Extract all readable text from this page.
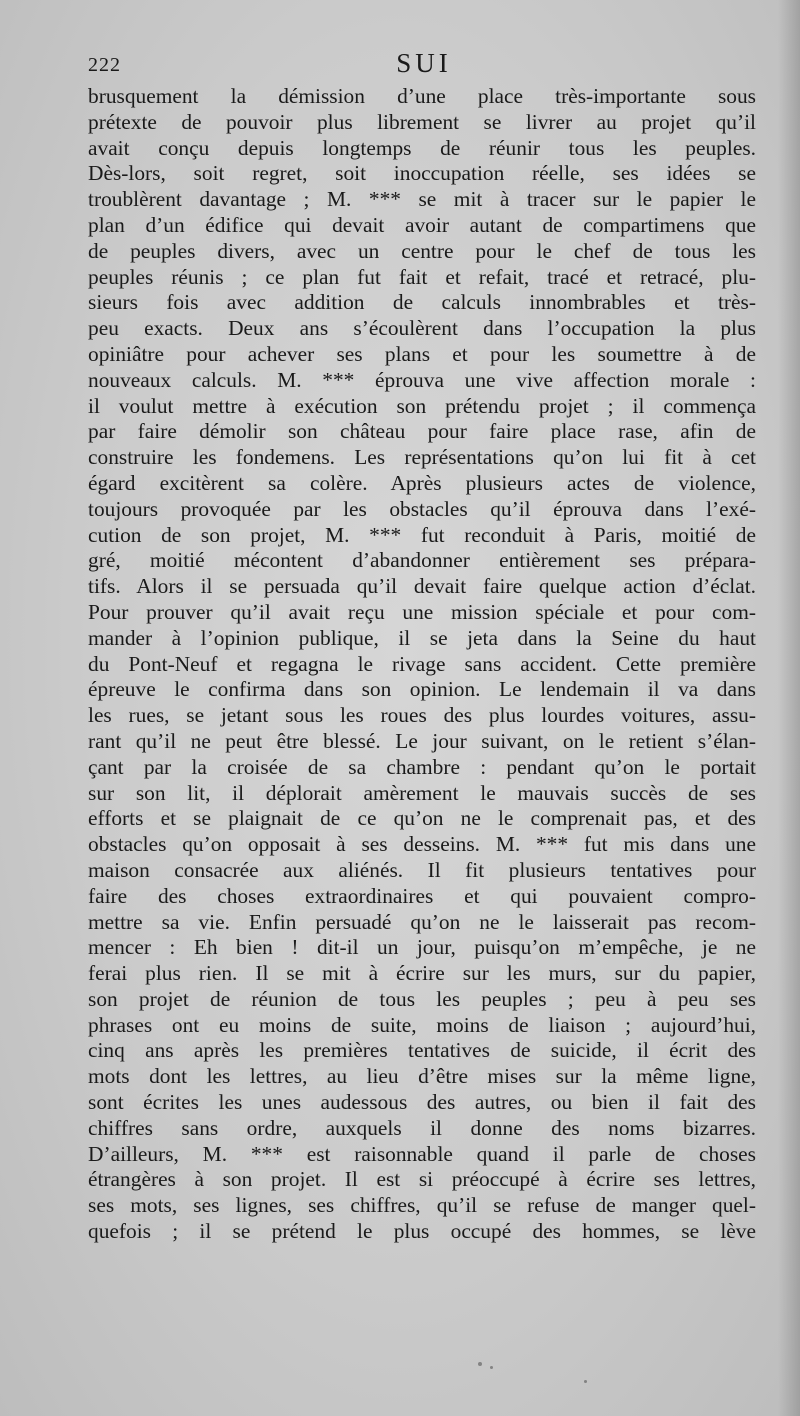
222	SUI
brusquement la démission d’une place très-importante sous
prétexte de pouvoir plus librement se livrer au projet qu’il
avait conçu depuis longtemps de réunir tous les peuples.
Dès-lors, soit regret, soit inoccupation réelle, ses idées se
troublèrent davantage ; M. *** se mit à tracer sur le papier le
plan d’un édifice qui devait avoir autant de compartimens que
de peuples divers, avec un centre pour le chef de tous les
peuples réunis ; ce plan fut fait et refait, tracé et retracé, plu-
sieurs fois avec addition de calculs innombrables et très-
peu exacts. Deux ans s’écoulèrent dans l’occupation la plus
opiniâtre pour achever ses plans et pour les soumettre à de
nouveaux calculs. M. *** éprouva une vive affection morale :
il voulut mettre à exécution son prétendu projet ; il commença
par faire démolir son château pour faire place rase, afin de
construire les fondemens. Les représentations qu’on lui fit à cet
égard excitèrent sa colère. Après plusieurs actes de violence,
toujours provoquée par les obstacles qu’il éprouva dans l’exé-
cution de son projet, M. *** fut reconduit à Paris, moitié de
gré, moitié mécontent d’abandonner entièrement ses prépara-
tifs. Alors il se persuada qu’il devait faire quelque action d’éclat.
Pour prouver qu’il avait reçu une mission spéciale et pour com-
mander à l’opinion publique, il se jeta dans la Seine du haut
du Pont-Neuf et regagna le rivage sans accident. Cette première
épreuve le confirma dans son opinion. Le lendemain il va dans
les rues, se jetant sous les roues des plus lourdes voitures, assu-
rant qu’il ne peut être blessé. Le jour suivant, on le retient s’élan-
çant par la croisée de sa chambre : pendant qu’on le portait
sur son lit, il déplorait amèrement le mauvais succès de ses
efforts et se plaignait de ce qu’on ne le comprenait pas, et des
obstacles qu’on opposait à ses desseins. M. *** fut mis dans une
maison consacrée aux aliénés. Il fit plusieurs tentatives pour
faire des choses extraordinaires et qui pouvaient compro-
mettre sa vie. Enfin persuadé qu’on ne le laisserait pas recom-
mencer : Eh bien ! dit-il un jour, puisqu’on m’empêche, je ne
ferai plus rien. Il se mit à écrire sur les murs, sur du papier,
son projet de réunion de tous les peuples ; peu à peu ses
phrases ont eu moins de suite, moins de liaison ; aujourd’hui,
cinq ans après les premières tentatives de suicide, il écrit des
mots dont les lettres, au lieu d’être mises sur la même ligne,
sont écrites les unes audessous des autres, ou bien il fait des
chiffres sans ordre, auxquels il donne des noms bizarres.
D’ailleurs, M. *** est raisonnable quand il parle de choses
étrangères à son projet. Il est si préoccupé à écrire ses lettres,
ses mots, ses lignes, ses chiffres, qu’il se refuse de manger quel-
quefois ; il se prétend le plus occupé des hommes, se lève
